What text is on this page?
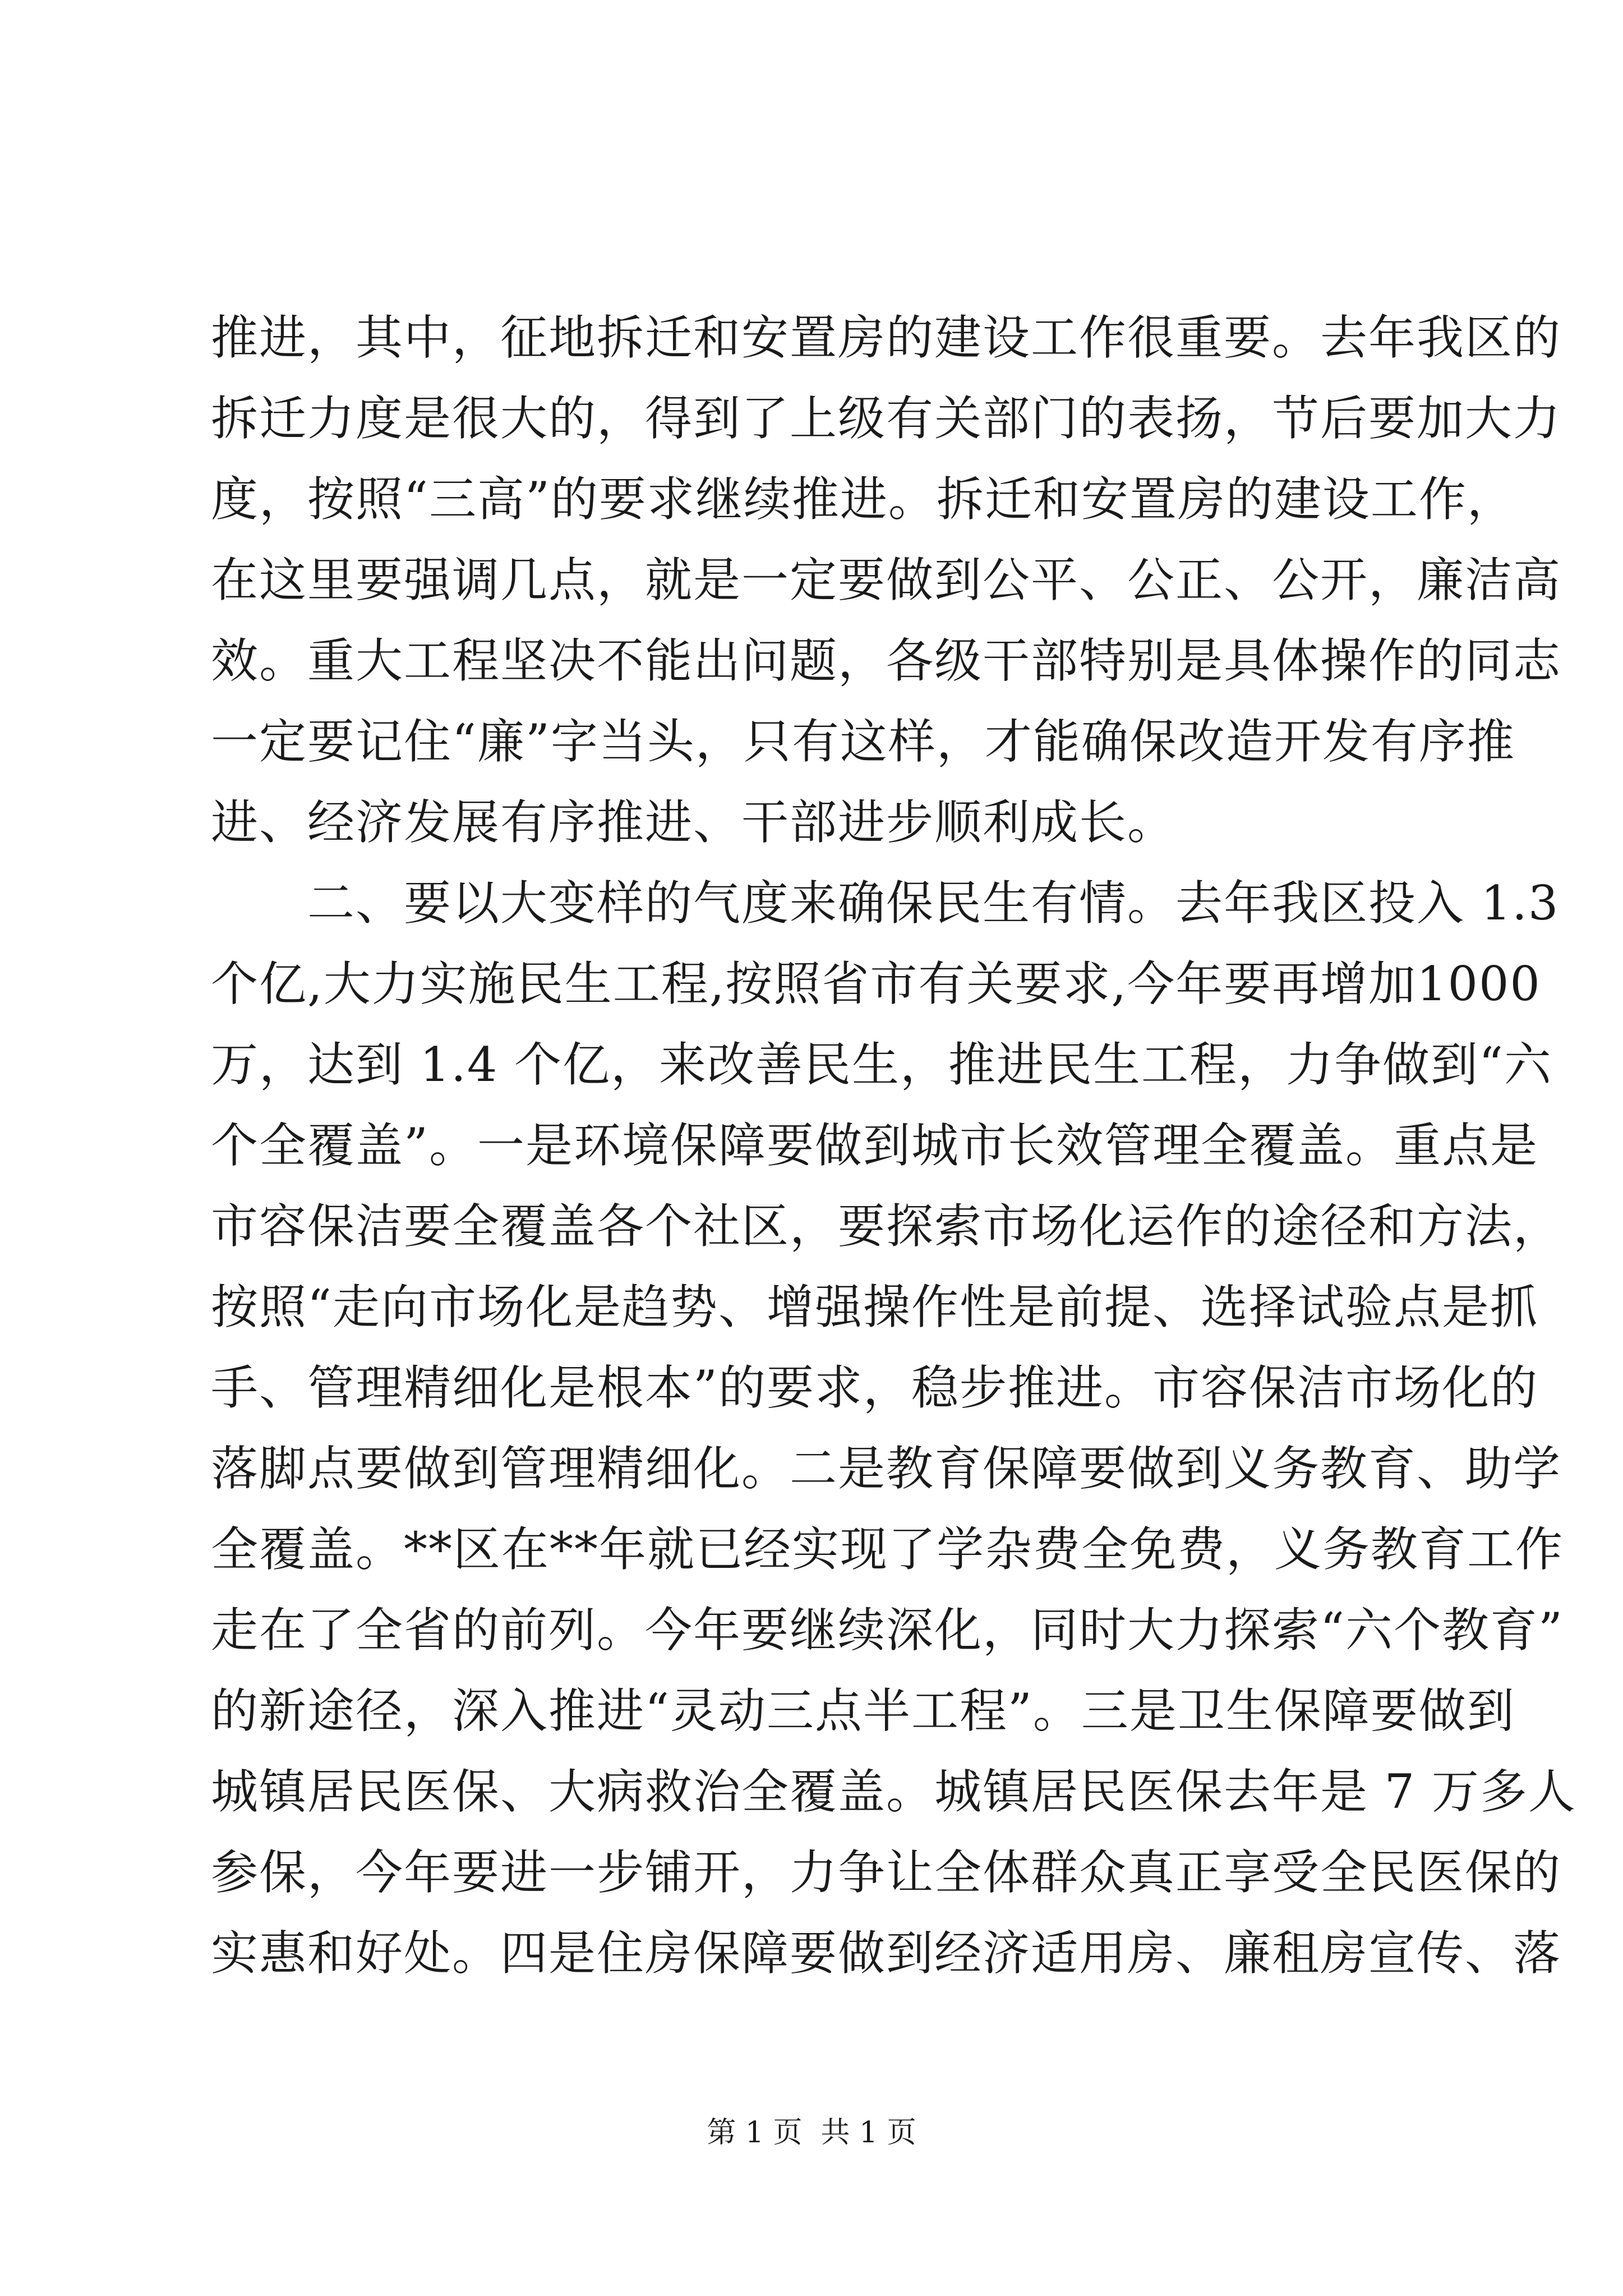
推进，其中，征地拆迁和安置房的建设工作很重要。去年我区的
拆迁力度是很大的，得到了上级有关部门的表扬，节后要加大力
度，按照“三高”的要求继续推进。拆迁和安置房的建设工作，
在这里要强调几点，就是一定要做到公平、公正、公开，廉洁高
效。重大工程坚决不能出问题，各级干部特别是具体操作的同志
一定要记住“廉”字当头，只有这样，才能确保改造开发有序推
进、经济发展有序推进、干部进步顺利成长。
　　二、要以大变样的气度来确保民生有情。去年我区投入 1.3
个亿,大力实施民生工程,按照省市有关要求,今年要再增加1000
万，达到 1.4 个亿，来改善民生，推进民生工程，力争做到“六
个全覆盖”。一是环境保障要做到城市长效管理全覆盖。重点是
市容保洁要全覆盖各个社区，要探索市场化运作的途径和方法，
按照“走向市场化是趋势、增强操作性是前提、选择试验点是抓
手、管理精细化是根本”的要求，稳步推进。市容保洁市场化的
落脚点要做到管理精细化。二是教育保障要做到义务教育、助学
全覆盖。**区在**年就已经实现了学杂费全免费，义务教育工作
走在了全省的前列。今年要继续深化，同时大力探索“六个教育”
的新途径，深入推进“灵动三点半工程”。三是卫生保障要做到
城镇居民医保、大病救治全覆盖。城镇居民医保去年是 7 万多人
参保，今年要进一步铺开，力争让全体群众真正享受全民医保的
实惠和好处。四是住房保障要做到经济适用房、廉租房宣传、落
第 1 页  共 1 页
